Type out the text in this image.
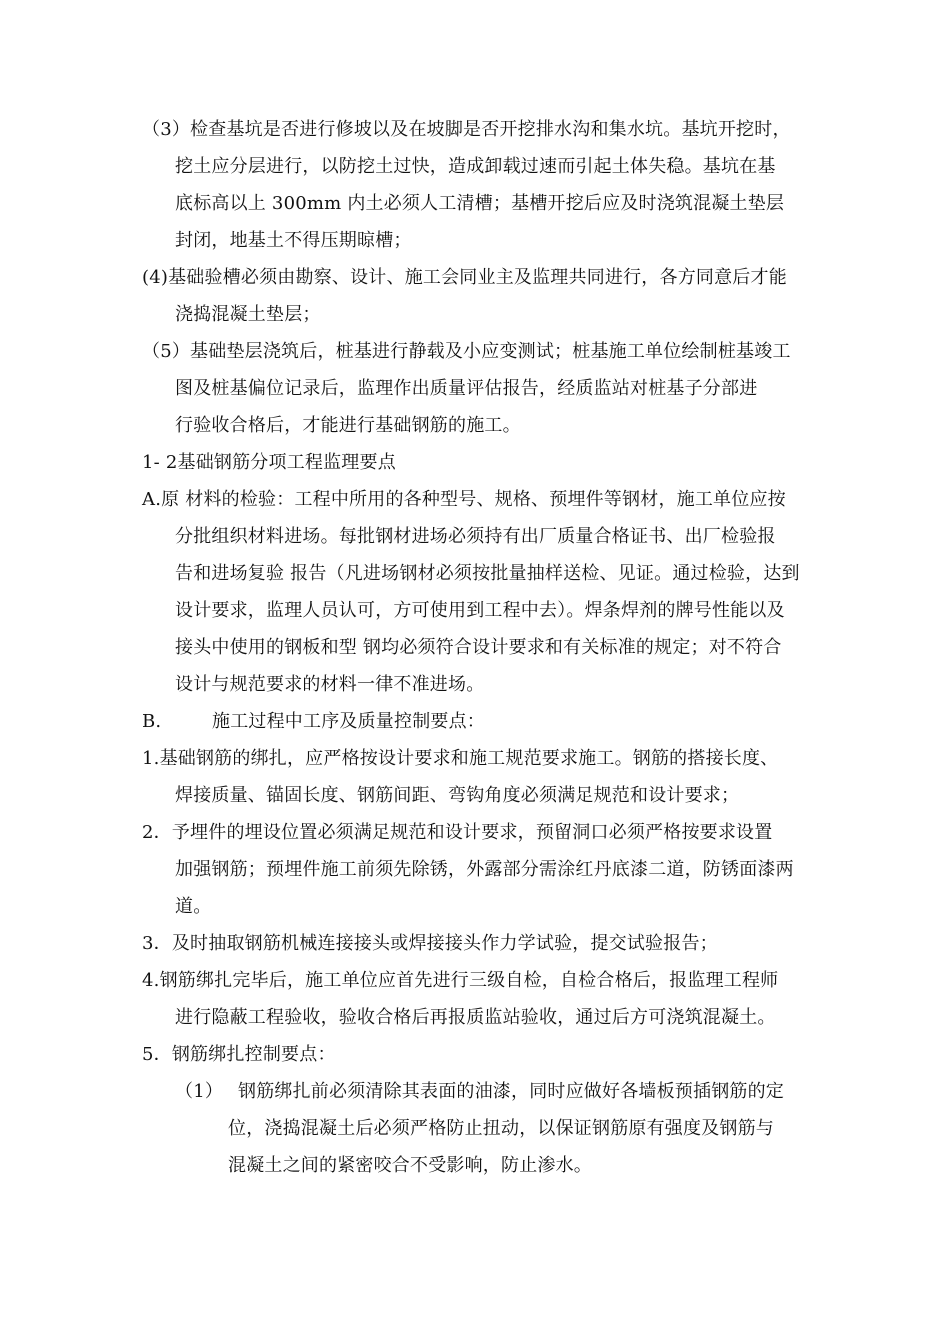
（3）检查基坑是否进行修坡以及在坡脚是否开挖排水沟和集水坑。基坑开挖时，
挖土应分层进行，以防挖土过快，造成卸载过速而引起土体失稳。基坑在基
底标高以上 300mm 内土必须人工清槽；基槽开挖后应及时浇筑混凝土垫层
封闭，地基土不得压期晾槽；
(4)基础验槽必须由勘察、设计、施工会同业主及监理共同进行，各方同意后才能
浇捣混凝土垫层；
（5）基础垫层浇筑后，桩基进行静载及小应变测试；桩基施工单位绘制桩基竣工
图及桩基偏位记录后，监理作出质量评估报告，经质监站对桩基子分部进
行验收合格后，才能进行基础钢筋的施工。
1- 2基础钢筋分项工程监理要点
A.原 材料的检验：工程中所用的各种型号、规格、预埋件等钢材，施工单位应按
分批组织材料进场。每批钢材进场必须持有出厂质量合格证书、出厂检验报
告和进场复验 报告（凡进场钢材必须按批量抽样送检、见证。通过检验，达到
设计要求，监理人员认可，方可使用到工程中去）。焊条焊剂的牌号性能以及
接头中使用的钢板和型 钢均必须符合设计要求和有关标准的规定；对不符合
设计与规范要求的材料一律不准进场。
B.	施工过程中工序及质量控制要点：
1.基础钢筋的绑扎，应严格按设计要求和施工规范要求施工。钢筋的搭接长度、
焊接质量、锚固长度、钢筋间距、弯钩角度必须满足规范和设计要求；
2．予埋件的埋设位置必须满足规范和设计要求，预留洞口必须严格按要求设置
加强钢筋；预埋件施工前须先除锈，外露部分需涂红丹底漆二道，防锈面漆两
道。
3．及时抽取钢筋机械连接接头或焊接接头作力学试验，提交试验报告；
4.钢筋绑扎完毕后，施工单位应首先进行三级自检，自检合格后，报监理工程师
进行隐蔽工程验收，验收合格后再报质监站验收，通过后方可浇筑混凝土。
5．钢筋绑扎控制要点：
（1） 钢筋绑扎前必须清除其表面的油漆，同时应做好各墙板预插钢筋的定
位，浇捣混凝土后必须严格防止扭动，以保证钢筋原有强度及钢筋与
混凝土之间的紧密咬合不受影响，防止渗水。
